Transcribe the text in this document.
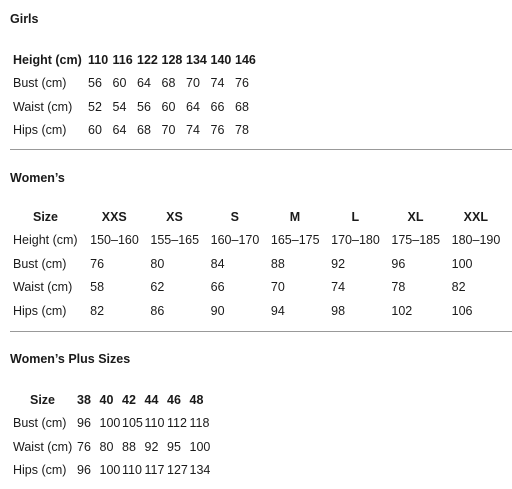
Girls
Height (cm)	110	116	122	128	134	140	146
Bust (cm)	56	60	64	68	70	74	76
Waist (cm)	52	54	56	60	64	66	68
Hips (cm)	60	64	68	70	74	76	78
Women’s
Size	XXS	XS	S	M	L	XL	XXL
Height (cm)	150–160	155–165	160–170	165–175	170–180	175–185	180–190
Bust (cm)	76	80	84	88	92	96	100
Waist (cm)	58	62	66	70	74	78	82
Hips (cm)	82	86	90	94	98	102	106
Women’s Plus Sizes
Size	38	40	42	44	46	48
Bust (cm)	96	100	105	110	112	118
Waist (cm)	76	80	88	92	95	100
Hips (cm)	96	100	110	117	127	134
